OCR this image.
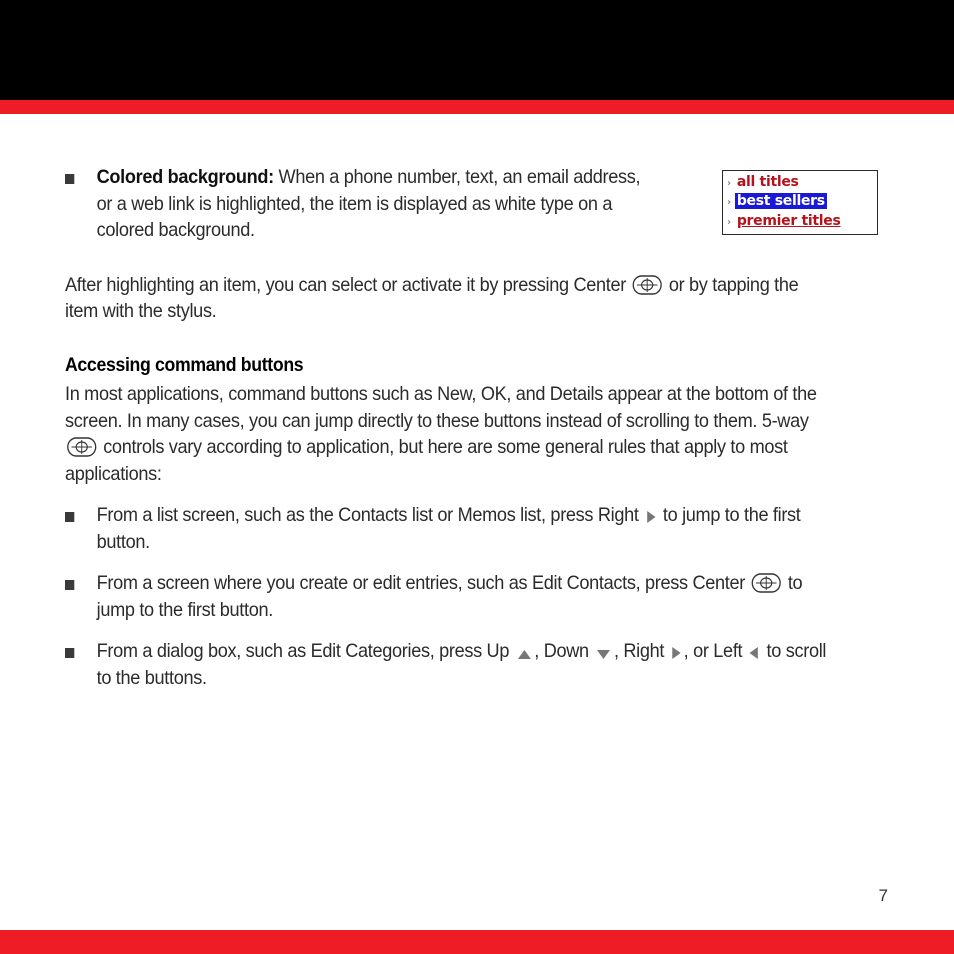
› all titles
› best sellers
› premier titles

Colored background: When a phone number, text, an email address, or a web link is highlighted, the item is displayed as white type on a colored background.

After highlighting an item, you can select or activate it by pressing Center
or by tapping the item with the stylus.

Accessing command buttons

In most applications, command buttons such as New, OK, and Details appear at the bottom of the screen. In many cases, you can jump directly to these buttons instead of scrolling to them. 5-way
controls vary according to application, but here are some general rules that apply to most applications:

From a list screen, such as the Contacts list or Memos list, press Right
to jump to the first button.

From a screen where you create or edit entries, such as Edit Contacts, press Center
to jump to the first button.

From a dialog box, such as Edit Categories, press Up
, Down
, Right
, or Left
to scroll to the buttons.

7
